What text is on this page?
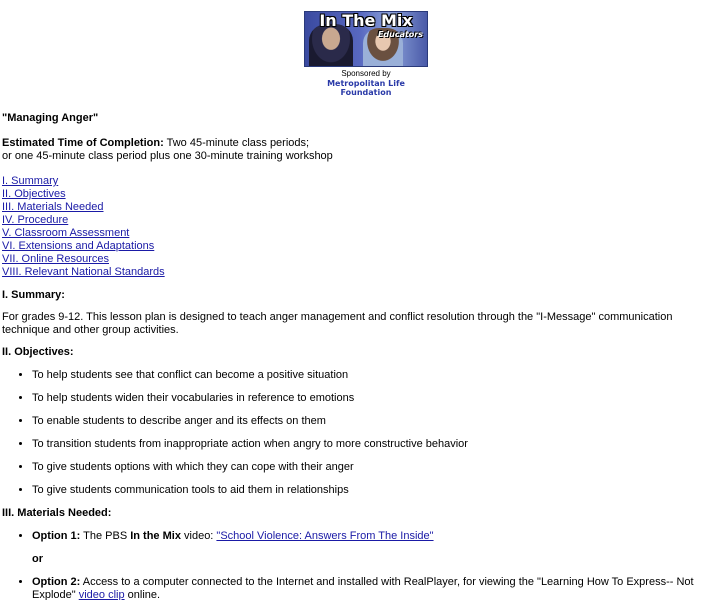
In The Mix
Educators
Sponsored by
Metropolitan Life
Foundation

"Managing Anger"

Estimated Time of Completion: Two 45-minute class periods;
or one 45-minute class period plus one 30-minute training workshop

I. Summary
II. Objectives
III. Materials Needed
IV. Procedure
V. Classroom Assessment
VI. Extensions and Adaptations
VII. Online Resources
VIII. Relevant National Standards
I. Summary:

For grades 9-12. This lesson plan is designed to teach anger management and conflict resolution through the "I-Message" communication technique and other group activities.

II. Objectives:
• To help students see that conflict can become a positive situation
• To help students widen their vocabularies in reference to emotions
• To enable students to describe anger and its effects on them
• To transition students from inappropriate action when angry to more constructive behavior
• To give students options with which they can cope with their anger
• To give students communication tools to aid them in relationships
III. Materials Needed:
• Option 1: The PBS In the Mix video: "School Violence: Answers From The Inside"

or

• Option 2: Access to a computer connected to the Internet and installed with RealPlayer, for viewing the "Learning How To Express-- Not Explode" video clip online.
